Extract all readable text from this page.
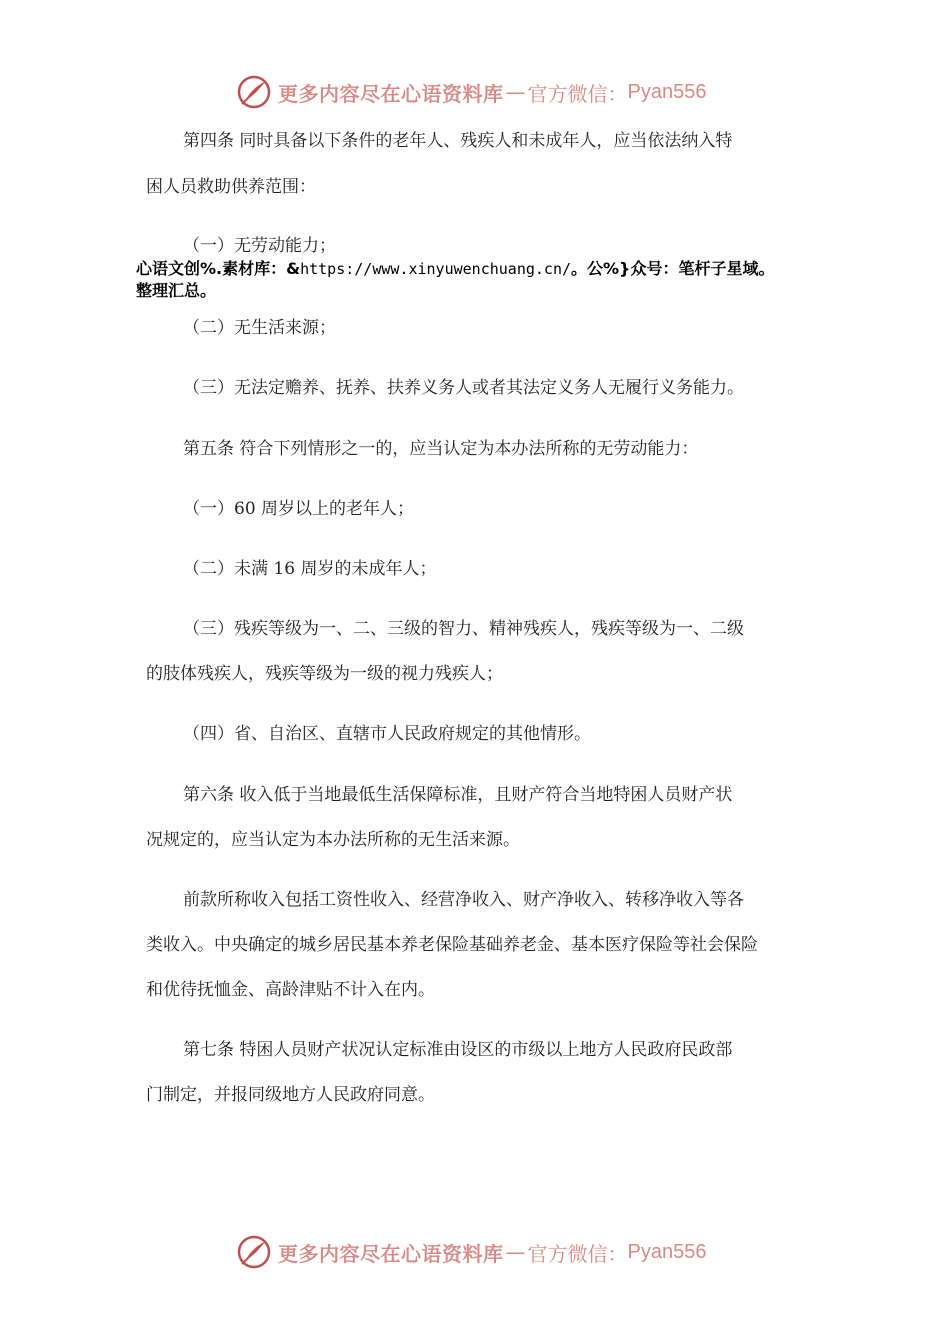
更多内容尽在心语资料库 — 官方微信： Pyan556
第四条 同时具备以下条件的老年人、残疾人和未成年人，应当依法纳入特
困人员救助供养范围：
（一）无劳动能力；
心语文创%.素材库：&https://www.xinyuwenchuang.cn/。公%}众号：笔杆子星域。
整理汇总。
（二）无生活来源；
（三）无法定赡养、抚养、扶养义务人或者其法定义务人无履行义务能力。
第五条 符合下列情形之一的，应当认定为本办法所称的无劳动能力：
（一）60 周岁以上的老年人；
（二）未满 16 周岁的未成年人；
（三）残疾等级为一、二、三级的智力、精神残疾人，残疾等级为一、二级
的肢体残疾人，残疾等级为一级的视力残疾人；
（四）省、自治区、直辖市人民政府规定的其他情形。
第六条 收入低于当地最低生活保障标准，且财产符合当地特困人员财产状
况规定的，应当认定为本办法所称的无生活来源。
前款所称收入包括工资性收入、经营净收入、财产净收入、转移净收入等各
类收入。中央确定的城乡居民基本养老保险基础养老金、基本医疗保险等社会保险
和优待抚恤金、高龄津贴不计入在内。
第七条 特困人员财产状况认定标准由设区的市级以上地方人民政府民政部
门制定，并报同级地方人民政府同意。
更多内容尽在心语资料库 — 官方微信： Pyan556
